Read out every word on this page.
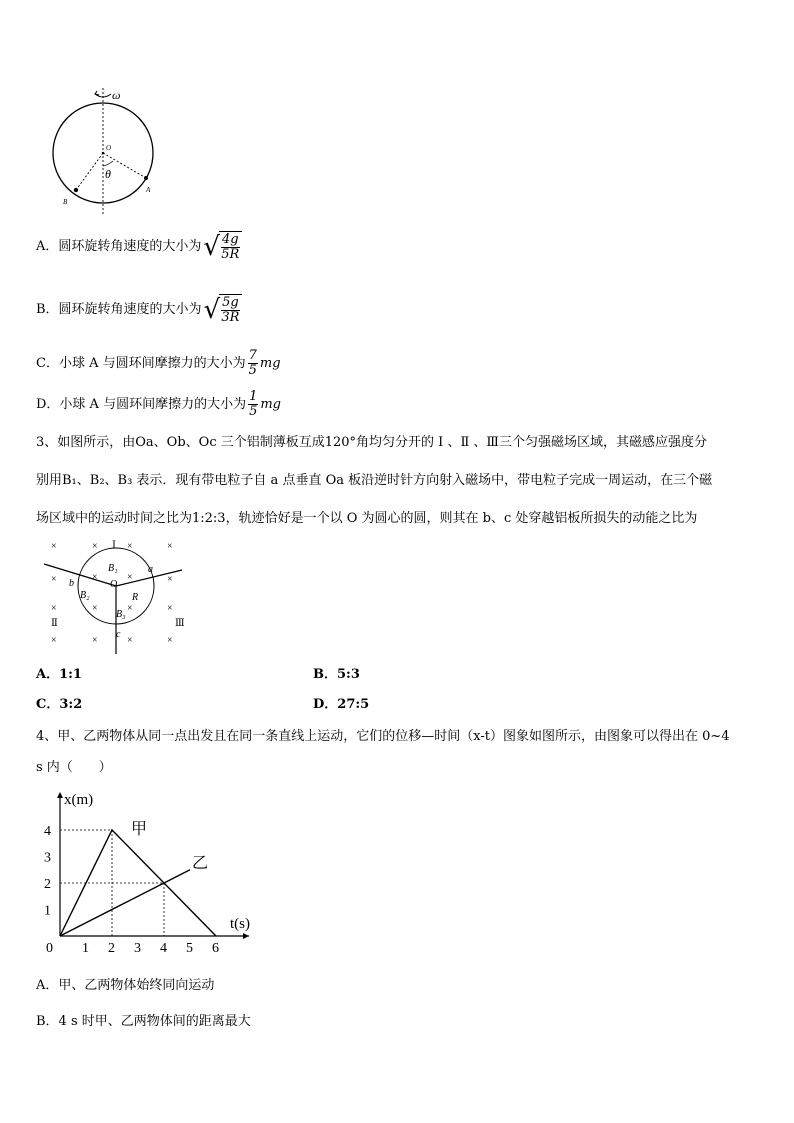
ω
O
θ
A
B
A．圆环旋转角速度的大小为 √ $\frac{4g}{5R}$
B．圆环旋转角速度的大小为 √ $\frac{5g}{3R}$
C．小球 A 与圆环间摩擦力的大小为 $\frac{7}{5}$ mg
D．小球 A 与圆环间摩擦力的大小为 $\frac{1}{5}$ mg
3、如图所示，由Oa、Ob、Oc 三个铝制薄板互成120°角均匀分开的 Ⅰ 、Ⅱ 、Ⅲ三个匀强磁场区域，其磁感应强度分
别用B₁、B₂、B₃ 表示．现有带电粒子自 a 点垂直 Oa 板沿逆时针方向射入磁场中，带电粒子完成一周运动，在三个磁
场区域中的运动时间之比为1:2:3，轨迹恰好是一个以 O 为圆心的圆，则其在 b、c 处穿越铝板所损失的动能之比为
×	×	×	×
×	×	×	×
×	×	×	×
×	×	×	×
Ⅰ
Ⅱ	Ⅲ
B₁
B₂
B₃
O
R
a
b
c
A．1:1	B．5:3
C．3:2	D．27:5
4、甲、乙两物体从同一点出发且在同一条直线上运动，它们的位移—时间（x-t）图象如图所示，由图象可以得出在 0~4
s 内（　　）
x(m)
t(s)
0 1 2 3 4 5 6
1
2
3
4	甲
乙
A．甲、乙两物体始终同向运动
B．4 s 时甲、乙两物体间的距离最大
